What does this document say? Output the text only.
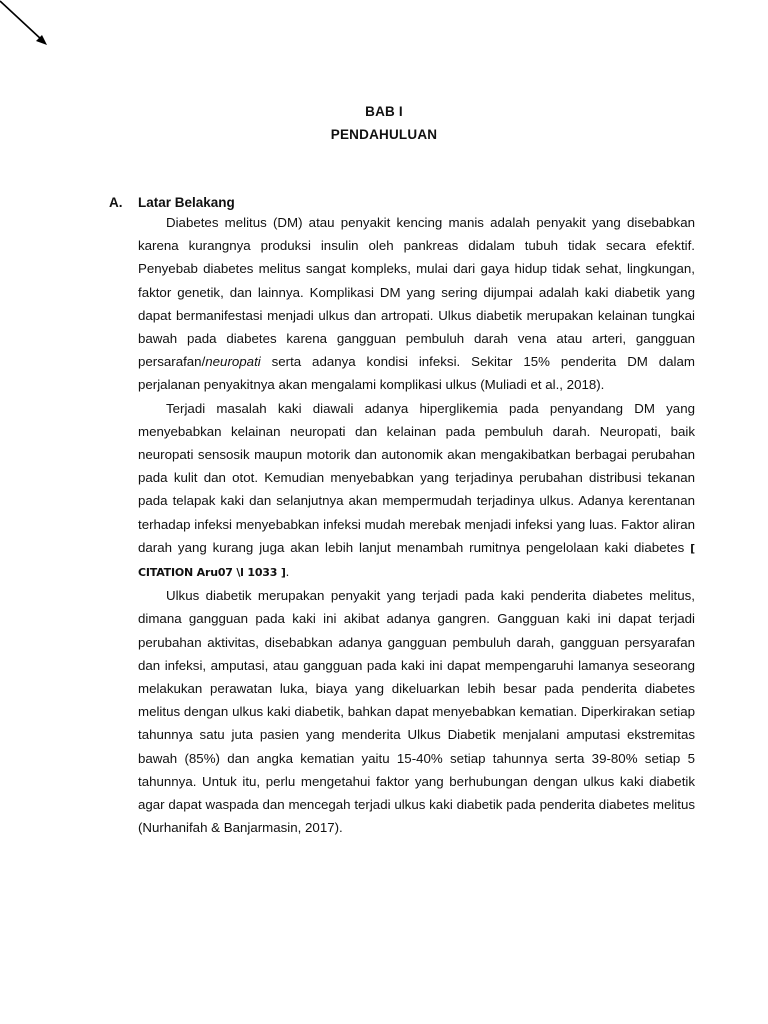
BAB I
PENDAHULUAN
A. Latar Belakang

Diabetes melitus (DM) atau penyakit kencing manis adalah penyakit yang disebabkan karena kurangnya produksi insulin oleh pankreas didalam tubuh tidak secara efektif. Penyebab diabetes melitus sangat kompleks, mulai dari gaya hidup tidak sehat, lingkungan, faktor genetik, dan lainnya. Komplikasi DM yang sering dijumpai adalah kaki diabetik yang dapat bermanifestasi menjadi ulkus dan artropati. Ulkus diabetik merupakan kelainan tungkai bawah pada diabetes karena gangguan pembuluh darah vena atau arteri, gangguan persarafan/neuropati serta adanya kondisi infeksi. Sekitar 15% penderita DM dalam perjalanan penyakitnya akan mengalami komplikasi ulkus (Muliadi et al., 2018).

Terjadi masalah kaki diawali adanya hiperglikemia pada penyandang DM yang menyebabkan kelainan neuropati dan kelainan pada pembuluh darah. Neuropati, baik neuropati sensosik maupun motorik dan autonomik akan mengakibatkan berbagai perubahan pada kulit dan otot. Kemudian menyebabkan yang terjadinya perubahan distribusi tekanan pada telapak kaki dan selanjutnya akan mempermudah terjadinya ulkus. Adanya kerentanan terhadap infeksi menyebabkan infeksi mudah merebak menjadi infeksi yang luas. Faktor aliran darah yang kurang juga akan lebih lanjut menambah rumitnya pengelolaan kaki diabetes [ CITATION Aru07 \l 1033 ].

Ulkus diabetik merupakan penyakit yang terjadi pada kaki penderita diabetes melitus, dimana gangguan pada kaki ini akibat adanya gangren. Gangguan kaki ini dapat terjadi perubahan aktivitas, disebabkan adanya gangguan pembuluh darah, gangguan persyarafan dan infeksi, amputasi, atau gangguan pada kaki ini dapat mempengaruhi lamanya seseorang melakukan perawatan luka, biaya yang dikeluarkan lebih besar pada penderita diabetes melitus dengan ulkus kaki diabetik, bahkan dapat menyebabkan kematian. Diperkirakan setiap tahunnya satu juta pasien yang menderita Ulkus Diabetik menjalani amputasi ekstremitas bawah (85%) dan angka kematian yaitu 15-40% setiap tahunnya serta 39-80% setiap 5 tahunnya. Untuk itu, perlu mengetahui faktor yang berhubungan dengan ulkus kaki diabetik agar dapat waspada dan mencegah terjadi ulkus kaki diabetik pada penderita diabetes melitus (Nurhanifah & Banjarmasin, 2017).
